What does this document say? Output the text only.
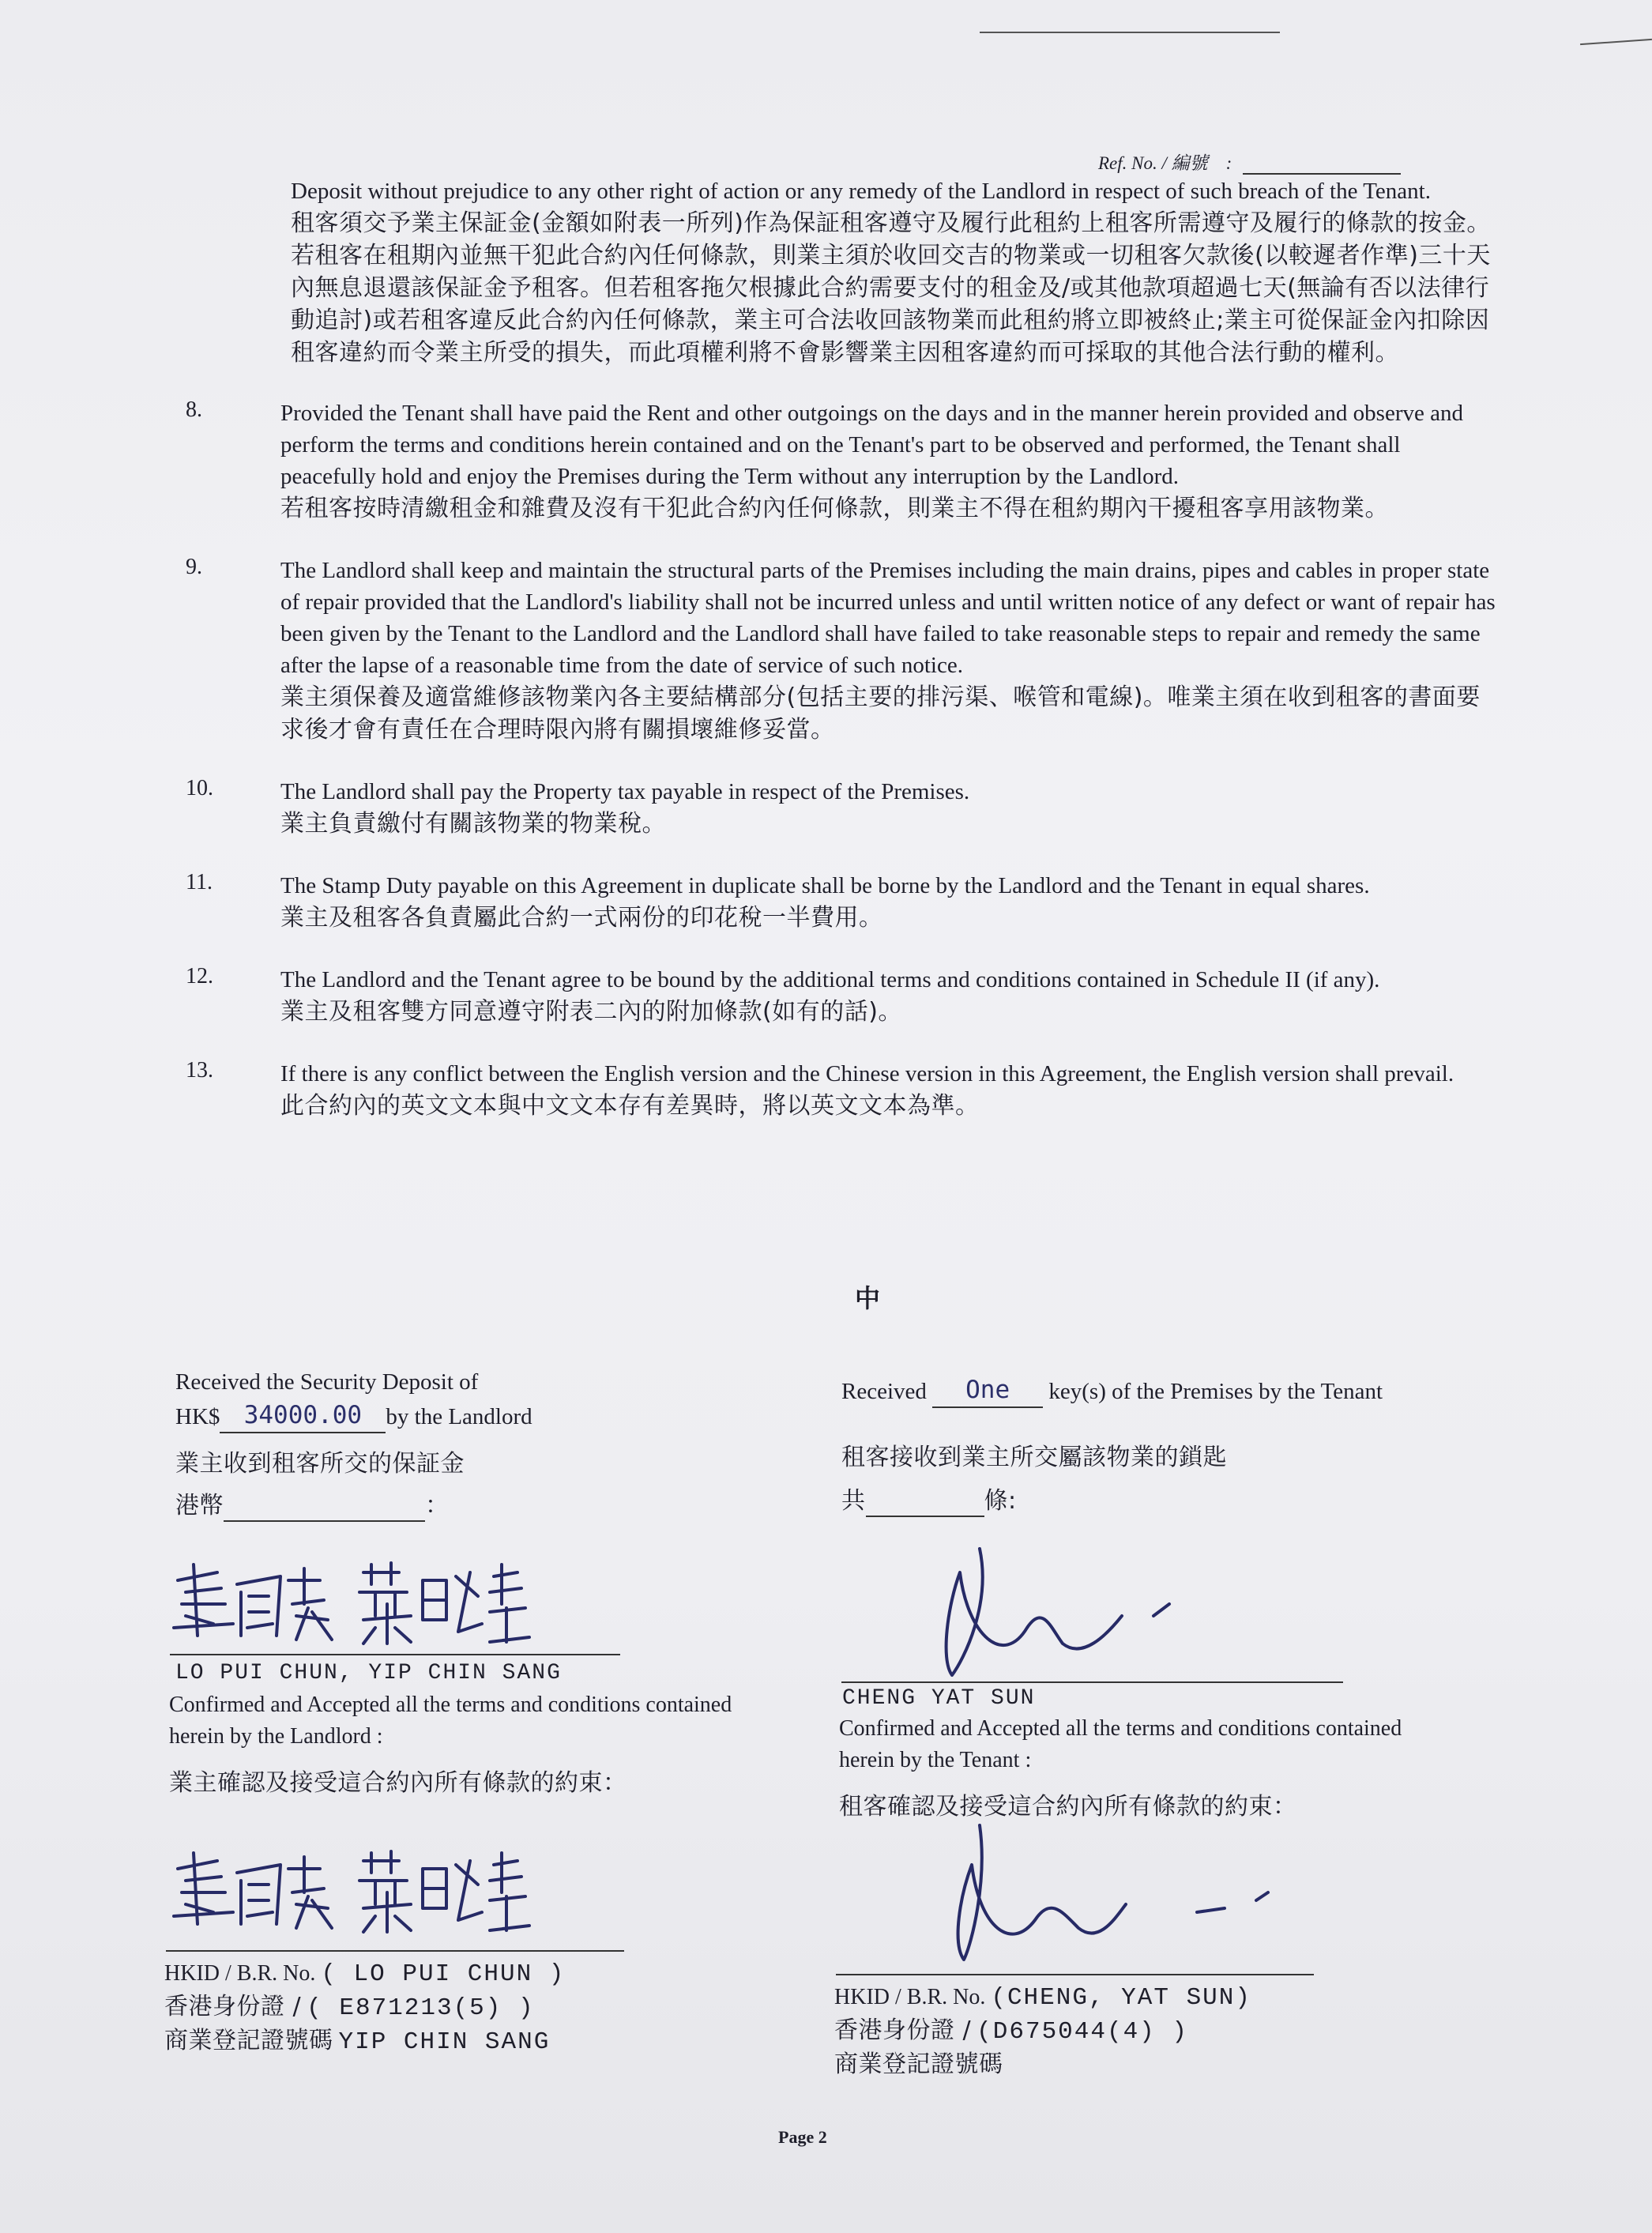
Ref. No. / 編號　:

Deposit without prejudice to any other right of action or any remedy of the Landlord in respect of such breach of the Tenant.

租客須交予業主保証金(金額如附表一所列)作為保証租客遵守及履行此租約上租客所需遵守及履行的條款的按金。若租客在租期內並無干犯此合約內任何條款，則業主須於收回交吉的物業或一切租客欠款後(以較遲者作準)三十天內無息退還該保証金予租客。但若租客拖欠根據此合約需要支付的租金及/或其他款項超過七天(無論有否以法律行動追討)或若租客違反此合約內任何條款，業主可合法收回該物業而此租約將立即被終止;業主可從保証金內扣除因租客違約而令業主所受的損失，而此項權利將不會影響業主因租客違約而可採取的其他合法行動的權利。

8.	Provided the Tenant shall have paid the Rent and other outgoings on the days and in the manner herein provided and observe and perform the terms and conditions herein contained and on the Tenant's part to be observed and performed, the Tenant shall peacefully hold and enjoy the Premises during the Term without any interruption by the Landlord.

若租客按時清繳租金和雜費及沒有干犯此合約內任何條款，則業主不得在租約期內干擾租客享用該物業。

9.	The Landlord shall keep and maintain the structural parts of the Premises including the main drains, pipes and cables in proper state of repair provided that the Landlord's liability shall not be incurred unless and until written notice of any defect or want of repair has been given by the Tenant to the Landlord and the Landlord shall have failed to take reasonable steps to repair and remedy the same after the lapse of a reasonable time from the date of service of such notice.

業主須保養及適當維修該物業內各主要結構部分(包括主要的排污渠、喉管和電線)。唯業主須在收到租客的書面要求後才會有責任在合理時限內將有關損壞維修妥當。

10.	The Landlord shall pay the Property tax payable in respect of the Premises.

業主負責繳付有關該物業的物業稅。

11.	The Stamp Duty payable on this Agreement in duplicate shall be borne by the Landlord and the Tenant in equal shares.

業主及租客各負責屬此合約一式兩份的印花稅一半費用。

12.	The Landlord and the Tenant agree to be bound by the additional terms and conditions contained in Schedule II (if any).

業主及租客雙方同意遵守附表二內的附加條款(如有的話)。

13.	If there is any conflict between the English version and the Chinese version in this Agreement, the English version shall prevail.

此合約內的英文文本與中文文本存有差異時，將以英文文本為準。

中
Received the Security Deposit of
HK$ 34000.00 by the Landlord
業主收到租客所交的保証金
港幣	：
Received One key(s) of the Premises by the Tenant
租客接收到業主所交屬該物業的鎖匙
共	條:
LO PUI CHUN, YIP CHIN SANG
Confirmed and Accepted all the terms and conditions contained herein by the Landlord :
業主確認及接受這合約內所有條款的約束：
CHENG YAT SUN
Confirmed and Accepted all the terms and conditions contained herein by the Tenant :
租客確認及接受這合約內所有條款的約束：
HKID / B.R. No. ( LO PUI CHUN )
香港身份證 / ( E871213(5) )
商業登記證號碼 YIP CHIN SANG
HKID / B.R. No. (CHENG, YAT SUN)
香港身份證 / (D675044(4) )
商業登記證號碼
Page 2
